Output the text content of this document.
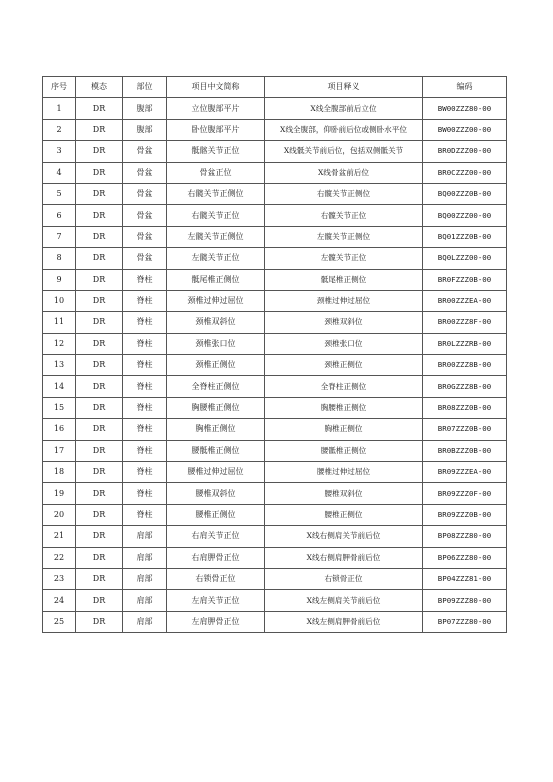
序号	模态	部位	项目中文简称	项目释义	编码
1	DR	腹部	立位腹部平片	X线全腹部前后立位	BW00ZZZ80-00
2	DR	腹部	卧位腹部平片	X线全腹部，仰卧前后位或侧卧水平位	BW00ZZZ00-00
3	DR	骨盆	骶髂关节正位	X线骶关节前后位，包括双侧骶关节	BR0DZZZ00-00
4	DR	骨盆	骨盆正位	X线骨盆前后位	BR0CZZZ00-00
5	DR	骨盆	右髋关节正侧位	右髋关节正侧位	BQ00ZZZ0B-00
6	DR	骨盆	右髋关节正位	右髋关节正位	BQ00ZZZ00-00
7	DR	骨盆	左髋关节正侧位	左髋关节正侧位	BQ01ZZZ0B-00
8	DR	骨盆	左髋关节正位	左髋关节正位	BQ0LZZZ00-00
9	DR	脊柱	骶尾椎正侧位	骶尾椎正侧位	BR0FZZZ0B-00
10	DR	脊柱	颈椎过伸过屈位	颈椎过伸过屈位	BR00ZZZEA-00
11	DR	脊柱	颈椎双斜位	颈椎双斜位	BR00ZZZ8F-00
12	DR	脊柱	颈椎张口位	颈椎张口位	BR0LZZZRB-00
13	DR	脊柱	颈椎正侧位	颈椎正侧位	BR00ZZZ8B-00
14	DR	脊柱	全脊柱正侧位	全脊柱正侧位	BR0GZZZ8B-00
15	DR	脊柱	胸腰椎正侧位	胸腰椎正侧位	BR08ZZZ0B-00
16	DR	脊柱	胸椎正侧位	胸椎正侧位	BR07ZZZ0B-00
17	DR	脊柱	腰骶椎正侧位	腰骶椎正侧位	BR0BZZZ0B-00
18	DR	脊柱	腰椎过伸过屈位	腰椎过伸过屈位	BR09ZZZEA-00
19	DR	脊柱	腰椎双斜位	腰椎双斜位	BR09ZZZ0F-00
20	DR	脊柱	腰椎正侧位	腰椎正侧位	BR09ZZZ0B-00
21	DR	肩部	右肩关节正位	X线右侧肩关节前后位	BP08ZZZ80-00
22	DR	肩部	右肩胛骨正位	X线右侧肩胛骨前后位	BP06ZZZ80-00
23	DR	肩部	右锁骨正位	右锁骨正位	BP04ZZZ81-00
24	DR	肩部	左肩关节正位	X线左侧肩关节前后位	BP09ZZZ80-00
25	DR	肩部	左肩胛骨正位	X线左侧肩胛骨前后位	BP07ZZZ80-00
